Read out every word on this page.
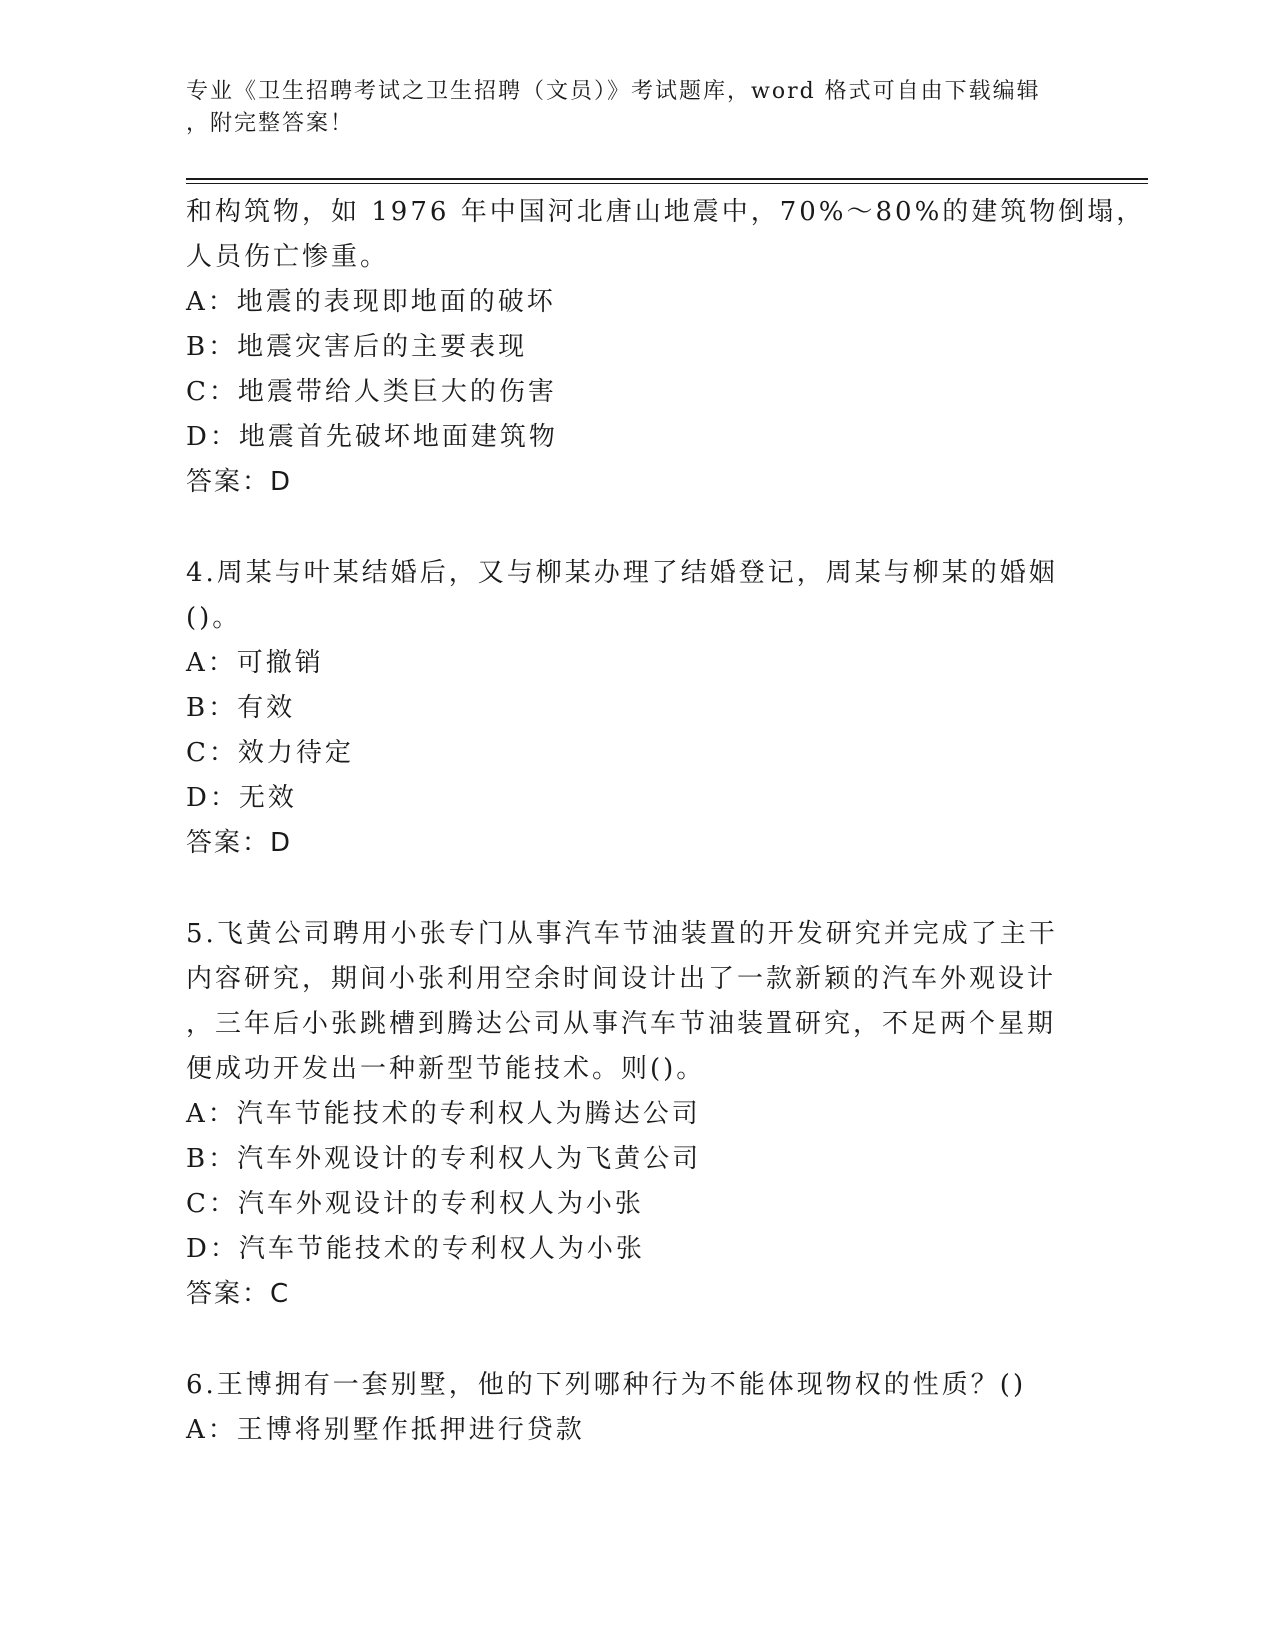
专业《卫生招聘考试之卫生招聘（文员）》考试题库，word 格式可自由下载编辑
，附完整答案！
和构筑物，如 1976 年中国河北唐山地震中，70%～80%的建筑物倒塌，
人员伤亡惨重。
A：地震的表现即地面的破坏
B：地震灾害后的主要表现
C：地震带给人类巨大的伤害
D：地震首先破坏地面建筑物
答案：D
4.周某与叶某结婚后，又与柳某办理了结婚登记，周某与柳某的婚姻
()。
A：可撤销
B：有效
C：效力待定
D：无效
答案：D
5.飞黄公司聘用小张专门从事汽车节油装置的开发研究并完成了主干
内容研究，期间小张利用空余时间设计出了一款新颖的汽车外观设计
，三年后小张跳槽到腾达公司从事汽车节油装置研究，不足两个星期
便成功开发出一种新型节能技术。则()。
A：汽车节能技术的专利权人为腾达公司
B：汽车外观设计的专利权人为飞黄公司
C：汽车外观设计的专利权人为小张
D：汽车节能技术的专利权人为小张
答案：C
6.王博拥有一套别墅，他的下列哪种行为不能体现物权的性质？()
A：王博将别墅作抵押进行贷款
